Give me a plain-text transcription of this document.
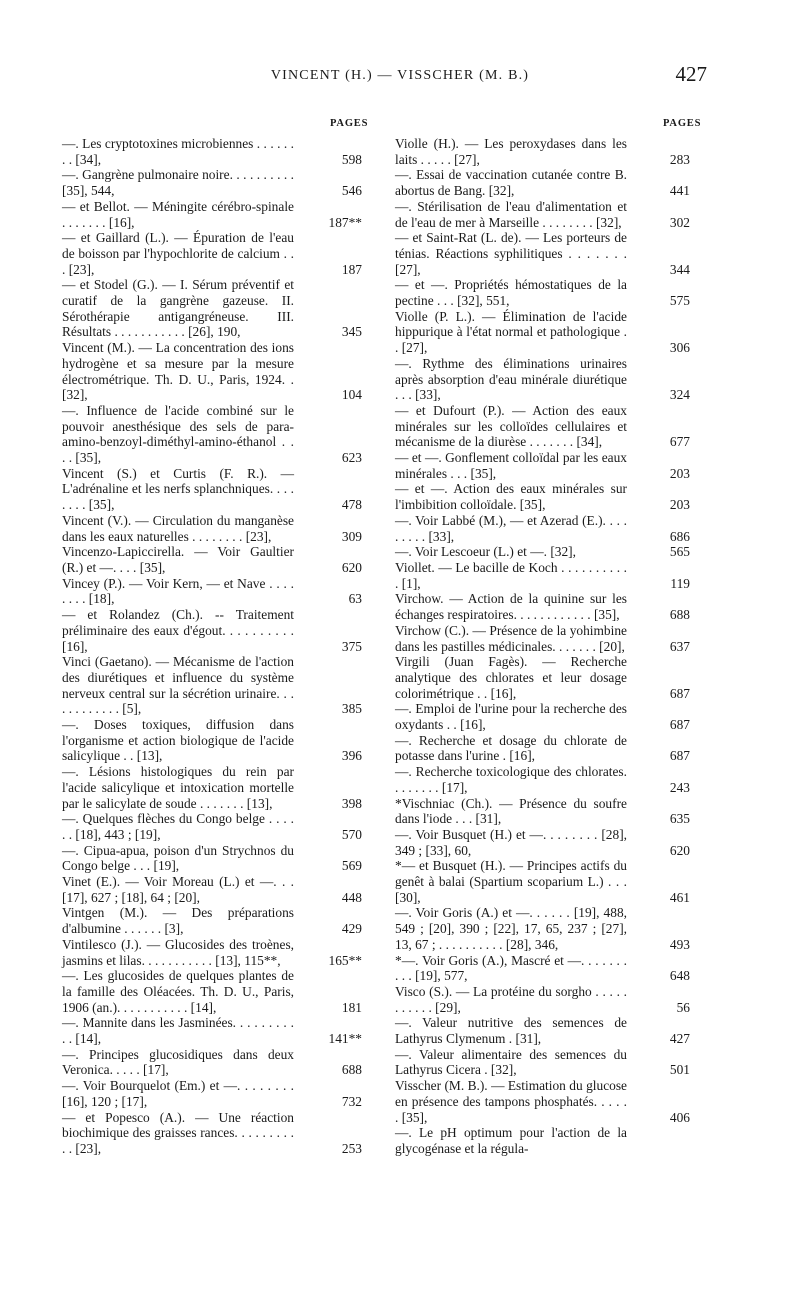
VINCENT (H.) — VISSCHER (M. B.)	427
PAGES	PAGES
—. Les cryptotoxines microbiennes . . . . . . . . [34],	598
—. Gangrène pulmonaire noire. . . . . . . . . . [35], 544,	546
— et Bellot. — Méningite cérébro-spinale . . . . . . . [16],	187**
— et Gaillard (L.). — Épuration de l'eau de boisson par l'hypochlorite de calcium . . . [23],	187
— et Stodel (G.). — I. Sérum préventif et curatif de la gangrène gazeuse. II. Sérothérapie antigangréneuse. III. Résultats . . . . . . . . . . . [26], 190,	345
Vincent (M.). — La concentration des ions hydrogène et sa mesure par la mesure électrométrique. Th. D. U., Paris, 1924. . [32],	104
—. Influence de l'acide combiné sur le pouvoir anesthésique des sels de para-amino-benzoyl-diméthyl-amino-éthanol . . . . [35],	623
Vincent (S.) et Curtis (F. R.). — L'adrénaline et les nerfs splanchniques. . . . . . . . [35],	478
Vincent (V.). — Circulation du manganèse dans les eaux naturelles . . . . . . . . [23],	309
Vincenzo-Lapiccirella. — Voir Gaultier (R.) et —. . . . [35],	620
Vincey (P.). — Voir Kern, — et Nave . . . . . . . . [18],	63
— et Rolandez (Ch.). -- Traitement préliminaire des eaux d'égout. . . . . . . . . . [16],	375
Vinci (Gaetano). — Mécanisme de l'action des diurétiques et influence du système nerveux central sur la sécrétion urinaire. . . . . . . . . . . . [5],	385
—. Doses toxiques, diffusion dans l'organisme et action biologique de l'acide salicylique . . [13],	396
—. Lésions histologiques du rein par l'acide salicylique et intoxication mortelle par le salicylate de soude . . . . . . . [13],	398
—. Quelques flèches du Congo belge . . . . . . [18], 443 ; [19],	570
—. Cipua-apua, poison d'un Strychnos du Congo belge . . . [19],	569
Vinet (E.). — Voir Moreau (L.) et —. . . [17], 627 ; [18], 64 ; [20],	448
Vintgen (M.). — Des préparations d'albumine . . . . . . [3],	429
Vintilesco (J.). — Glucosides des troènes, jasmins et lilas. . . . . . . . . . . [13], 115**,	165**
—. Les glucosides de quelques plantes de la famille des Oléacées. Th. D. U., Paris, 1906 (an.). . . . . . . . . . . [14],	181
—. Mannite dans les Jasminées. . . . . . . . . . . [14],	141**
—. Principes glucosidiques dans deux Veronica. . . . . [17],	688
—. Voir Bourquelot (Em.) et —. . . . . . . . [16], 120 ; [17],	732
— et Popesco (A.). — Une réaction biochimique des graisses rances. . . . . . . . . . . [23],	253
Violle (H.). — Les peroxydases dans les laits . . . . . [27],	283
—. Essai de vaccination cutanée contre B. abortus de Bang. [32],	441
—. Stérilisation de l'eau d'alimentation et de l'eau de mer à Marseille . . . . . . . . [32],	302
— et Saint-Rat (L. de). — Les porteurs de ténias. Réactions syphilitiques . . . . . . . [27],	344
— et —. Propriétés hémostatiques de la pectine . . . [32], 551,	575
Violle (P. L.). — Élimination de l'acide hippurique à l'état normal et pathologique . . [27],	306
—. Rythme des éliminations urinaires après absorption d'eau minérale diurétique . . . [33],	324
— et Dufourt (P.). — Action des eaux minérales sur les colloïdes cellulaires et mécanisme de la diurèse . . . . . . . [34],	677
— et —. Gonflement colloïdal par les eaux minérales . . . [35],	203
— et —. Action des eaux minérales sur l'imbibition colloïdale. [35],	203
—. Voir Labbé (M.), — et Azerad (E.). . . . . . . . . [33],	686
—. Voir Lescoeur (L.) et —. [32],	565
Viollet. — Le bacille de Koch . . . . . . . . . . . [1],	119
Virchow. — Action de la quinine sur les échanges respiratoires. . . . . . . . . . . . [35],	688
Virchow (C.). — Présence de la yohimbine dans les pastilles médicinales. . . . . . . [20],	637
Virgili (Juan Fagès). — Recherche analytique des chlorates et leur dosage colorimétrique . . [16],	687
—. Emploi de l'urine pour la recherche des oxydants . . [16],	687
—. Recherche et dosage du chlorate de potasse dans l'urine . [16],	687
—. Recherche toxicologique des chlorates. . . . . . . . [17],	243
*Vischniac (Ch.). — Présence du soufre dans l'iode . . . [31],	635
—. Voir Busquet (H.) et —. . . . . . . . [28], 349 ; [33], 60,	620
*— et Busquet (H.). — Principes actifs du genêt à balai (Spartium scoparium L.) . . . [30],	461
—. Voir Goris (A.) et —. . . . . . [19], 488, 549 ; [20], 390 ; [22], 17, 65, 237 ; [27], 13, 67 ; . . . . . . . . . . [28], 346,	493
*—. Voir Goris (A.), Mascré et —. . . . . . . . . . [19], 577,	648
Visco (S.). — La protéine du sorgho . . . . . . . . . . . [29],	56
—. Valeur nutritive des semences de Lathyrus Clymenum . [31],	427
—. Valeur alimentaire des semences du Lathyrus Cicera . [32],	501
Visscher (M. B.). — Estimation du glucose en présence des tampons phosphatés. . . . . . [35],	406
—. Le pH optimum pour l'action de la glycogénase et la régula-
